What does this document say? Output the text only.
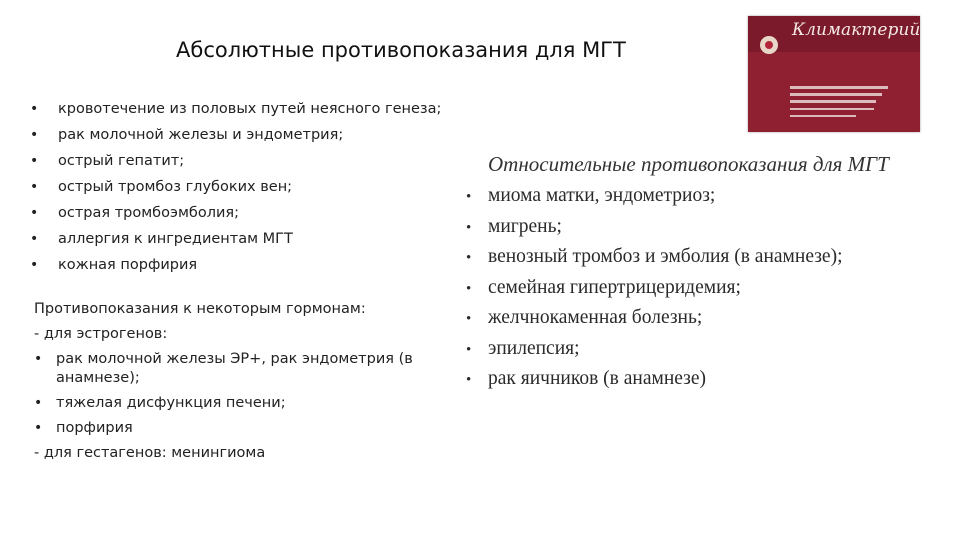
Абсолютные противопоказания для МГТ
• кровотечение из половых путей неясного генеза;
• рак молочной железы и эндометрия;
• острый гепатит;
• острый тромбоз глубоких вен;
• острая тромбоэмболия;
• аллергия к ингредиентам МГТ
• кожная порфирия
Противопоказания к некоторым гормонам:
- для эстрогенов:
• рак молочной железы ЭР+, рак эндометрия (в анамнезе);
• тяжелая дисфункция печени;
• порфирия
- для гестагенов: менингиома
Климактерий
Относительные противопоказания для МГТ
• миома матки, эндометриоз;
• мигрень;
• венозный тромбоз и эмболия (в анамнезе);
• семейная гипертрицеридемия;
• желчнокаменная болезнь;
• эпилепсия;
• рак яичников (в анамнезе)
